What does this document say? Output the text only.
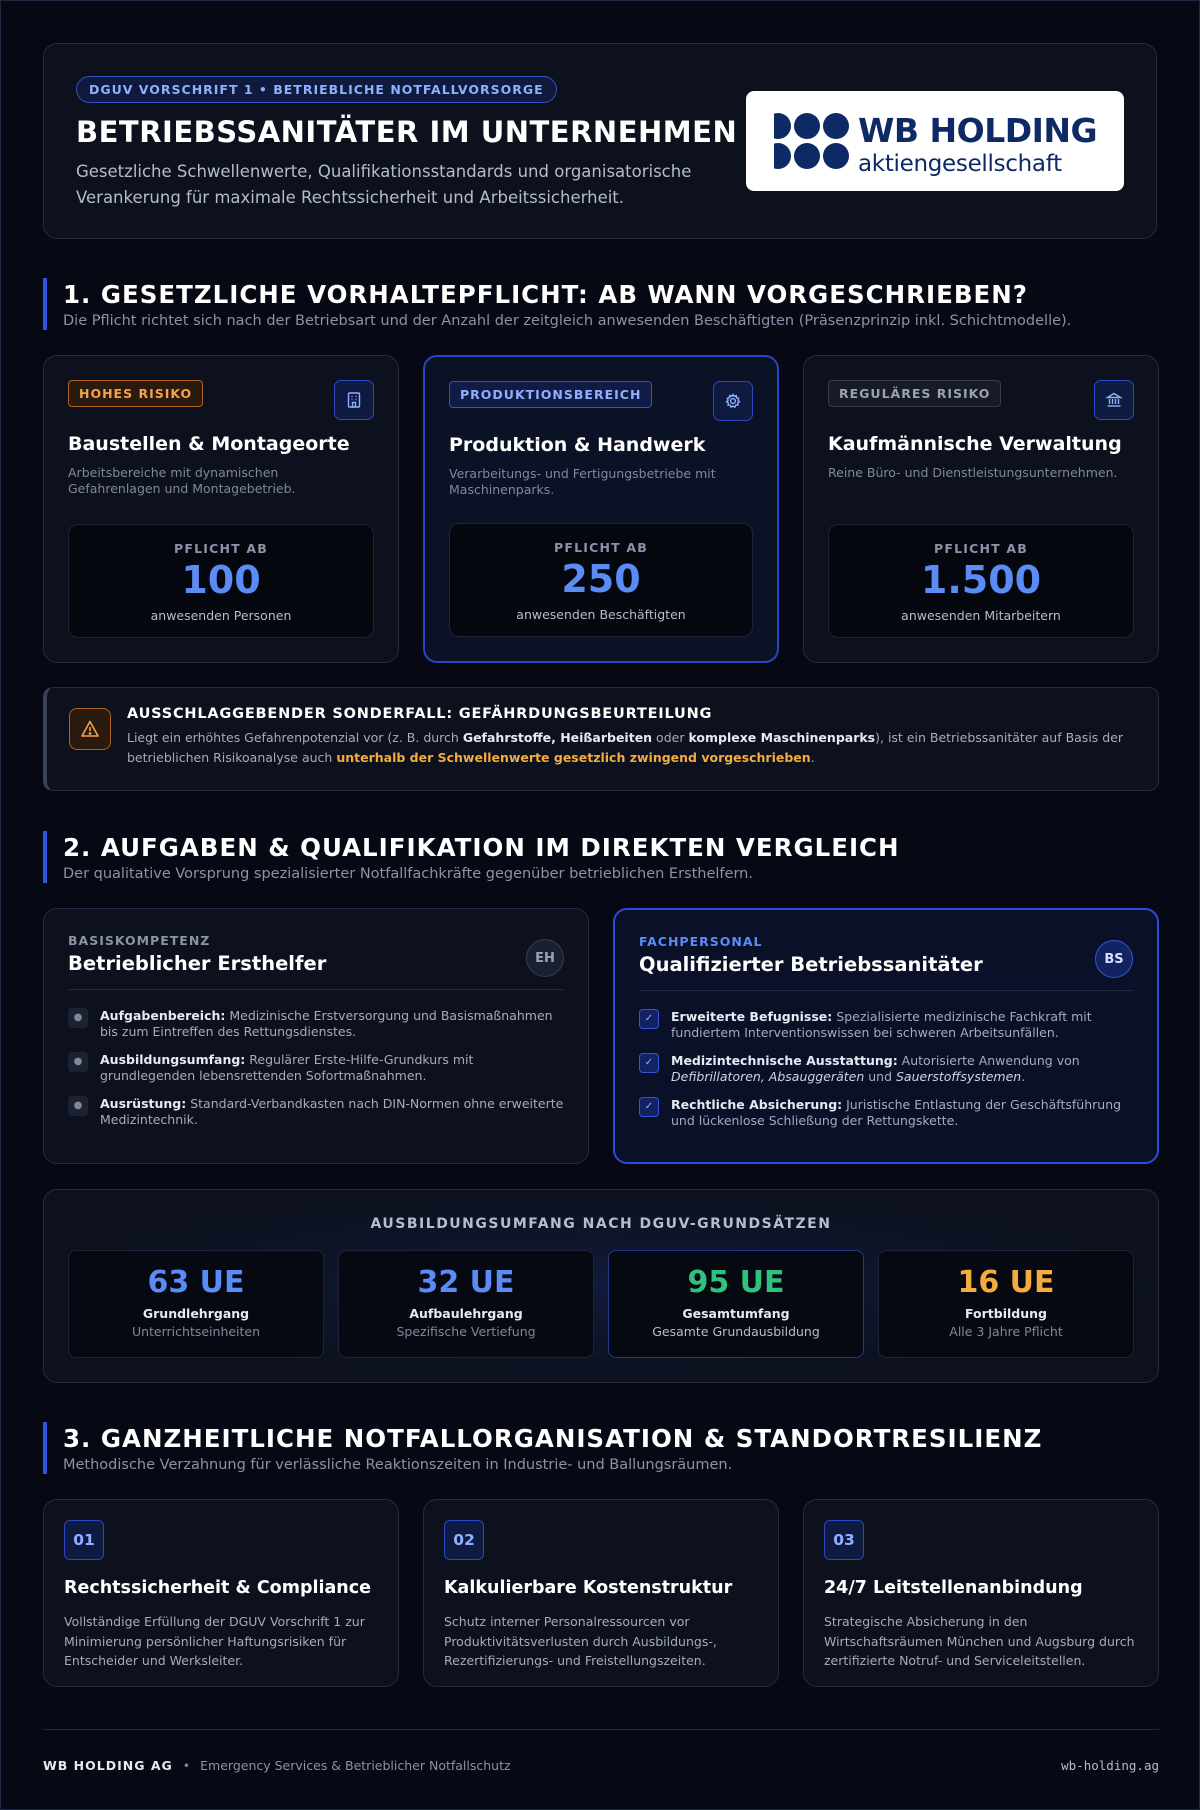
DGUV VORSCHRIFT 1 • BETRIEBLICHE NOTFALLVORSORGE
BETRIEBSSANITÄTER IM UNTERNEHMEN
Gesetzliche Schwellenwerte, Qualifikationsstandards und organisatorische Verankerung für maximale Rechtssicherheit und Arbeitssicherheit.
WB HOLDING
aktiengesellschaft
1. GESETZLICHE VORHALTEPFLICHT: AB WANN VORGESCHRIEBEN?
Die Pflicht richtet sich nach der Betriebsart und der Anzahl der zeitgleich anwesenden Beschäftigten (Präsenzprinzip inkl. Schichtmodelle).
HOHES RISIKO
Baustellen & Montageorte
Arbeitsbereiche mit dynamischen Gefahrenlagen und Montagebetrieb.
PFLICHT AB
100
anwesenden Personen
PRODUKTIONSBEREICH
Produktion & Handwerk
Verarbeitungs- und Fertigungsbetriebe mit Maschinenparks.
PFLICHT AB
250
anwesenden Beschäftigten
REGULÄRES RISIKO
Kaufmännische Verwaltung
Reine Büro- und Dienstleistungsunternehmen.
PFLICHT AB
1.500
anwesenden Mitarbeitern
AUSSCHLAGGEBENDER SONDERFALL: GEFÄHRDUNGSBEURTEILUNG
Liegt ein erhöhtes Gefahrenpotenzial vor (z. B. durch Gefahrstoffe, Heißarbeiten oder komplexe Maschinenparks), ist ein Betriebssanitäter auf Basis der betrieblichen Risikoanalyse auch unterhalb der Schwellenwerte gesetzlich zwingend vorgeschrieben.
2. AUFGABEN & QUALIFIKATION IM DIREKTEN VERGLEICH
Der qualitative Vorsprung spezialisierter Notfallfachkräfte gegenüber betrieblichen Ersthelfern.
BASISKOMPETENZ
Betrieblicher Ersthelfer	EH
●	Aufgabenbereich: Medizinische Erstversorgung und Basismaßnahmen bis zum Eintreffen des Rettungsdienstes.
●	Ausbildungsumfang: Regulärer Erste-Hilfe-Grundkurs mit grundlegenden lebensrettenden Sofortmaßnahmen.
●	Ausrüstung: Standard-Verbandkasten nach DIN-Normen ohne erweiterte Medizintechnik.
FACHPERSONAL
Qualifizierter Betriebssanitäter	BS
✓	Erweiterte Befugnisse: Spezialisierte medizinische Fachkraft mit fundiertem Interventionswissen bei schweren Arbeitsunfällen.
✓	Medizintechnische Ausstattung: Autorisierte Anwendung von Defibrillatoren, Absauggeräten und Sauerstoffsystemen.
✓	Rechtliche Absicherung: Juristische Entlastung der Geschäftsführung und lückenlose Schließung der Rettungskette.
AUSBILDUNGSUMFANG NACH DGUV-GRUNDSÄTZEN
63 UE
Grundlehrgang
Unterrichtseinheiten
32 UE
Aufbaulehrgang
Spezifische Vertiefung
95 UE
Gesamtumfang
Gesamte Grundausbildung
16 UE
Fortbildung
Alle 3 Jahre Pflicht
3. GANZHEITLICHE NOTFALLORGANISATION & STANDORTRESILIENZ
Methodische Verzahnung für verlässliche Reaktionszeiten in Industrie- und Ballungsräumen.
01
Rechtssicherheit & Compliance
Vollständige Erfüllung der DGUV Vorschrift 1 zur Minimierung persönlicher Haftungsrisiken für Entscheider und Werksleiter.
02
Kalkulierbare Kostenstruktur
Schutz interner Personalressourcen vor Produktivitätsverlusten durch Ausbildungs-, Rezertifizierungs- und Freistellungszeiten.
03
24/7 Leitstellenanbindung
Strategische Absicherung in den Wirtschaftsräumen München und Augsburg durch zertifizierte Notruf- und Serviceleitstellen.
WB HOLDING AG • Emergency Services & Betrieblicher Notfallschutz	wb-holding.ag
